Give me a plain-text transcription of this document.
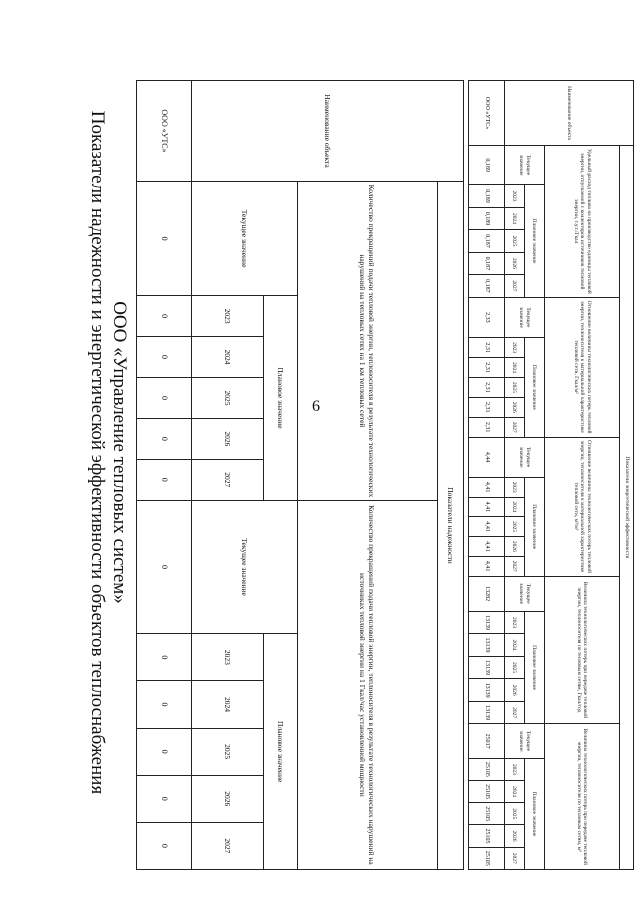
6
Показатели надежности и энергетической эффективности объектов теплоснабжения ООО «Управление тепловых систем»
Наименование объекта	Показатели надежности											
	Количество прекращений подачи тепловой энергии, теплоносителя в результате технологических нарушений на тепловых сетях на 1 км тепловых сетей						Количество прекращений подачи тепловой энергии, теплоносителя в результате технологических нарушений на источниках тепловой энергии на 1 Гкал/час установленной мощности					
	Текущее значение	Плановое значение					Текущее значение	Плановое значение				
		2023	2024	2025	2026	2027		2023	2024	2025	2026	2027
ООО «УТС»	0	0	0	0	0	0	0	0	0	0	0	0
Наименование объекта	Показатели энергетической эффективности																													
	Удельный расход топлива на производство единицы тепловой энергии, отпускаемой с коллекторов источников тепловой энергии, т.у.т./Гкал						Отношение величины технологических потерь тепловой энергии, теплоносителя к материальной характеристике тепловой сети, Гкал/м²						Отношение величины технологических потерь тепловой энергии, теплоносителя к материальной характеристике тепловой сети, м³/м²						Величина технологических потерь при передаче тепловой энергии, теплоносителя по тепловым сетям, Гкал/год						Величина технологических потерь при передаче тепловой энергии, теплоносителя по тепловым сетям, м³					
	Текущее значение	Плановое значение					Текущее значение	Плановое значение					Текущее значение	Плановое значение					Текущее значение	Плановое значение					Текущее значение	Плановое значение				
		2023	2024	2025	2026	2027		2023	2024	2025	2026	2027		2023	2024	2025	2026	2027		2023	2024	2025	2026	2027		2023	2024	2025	2026	2027
ООО «УТС»	0,189	0,189	0,189	0,187	0,187	0,187	2,33	2,31	2,31	2,31	2,31	2,31	4,44	4,41	4,41	4,41	4,41	4,41	13282	13139	13139	13139	13139	13139	25017	25105	25105	25105	25105	25105
